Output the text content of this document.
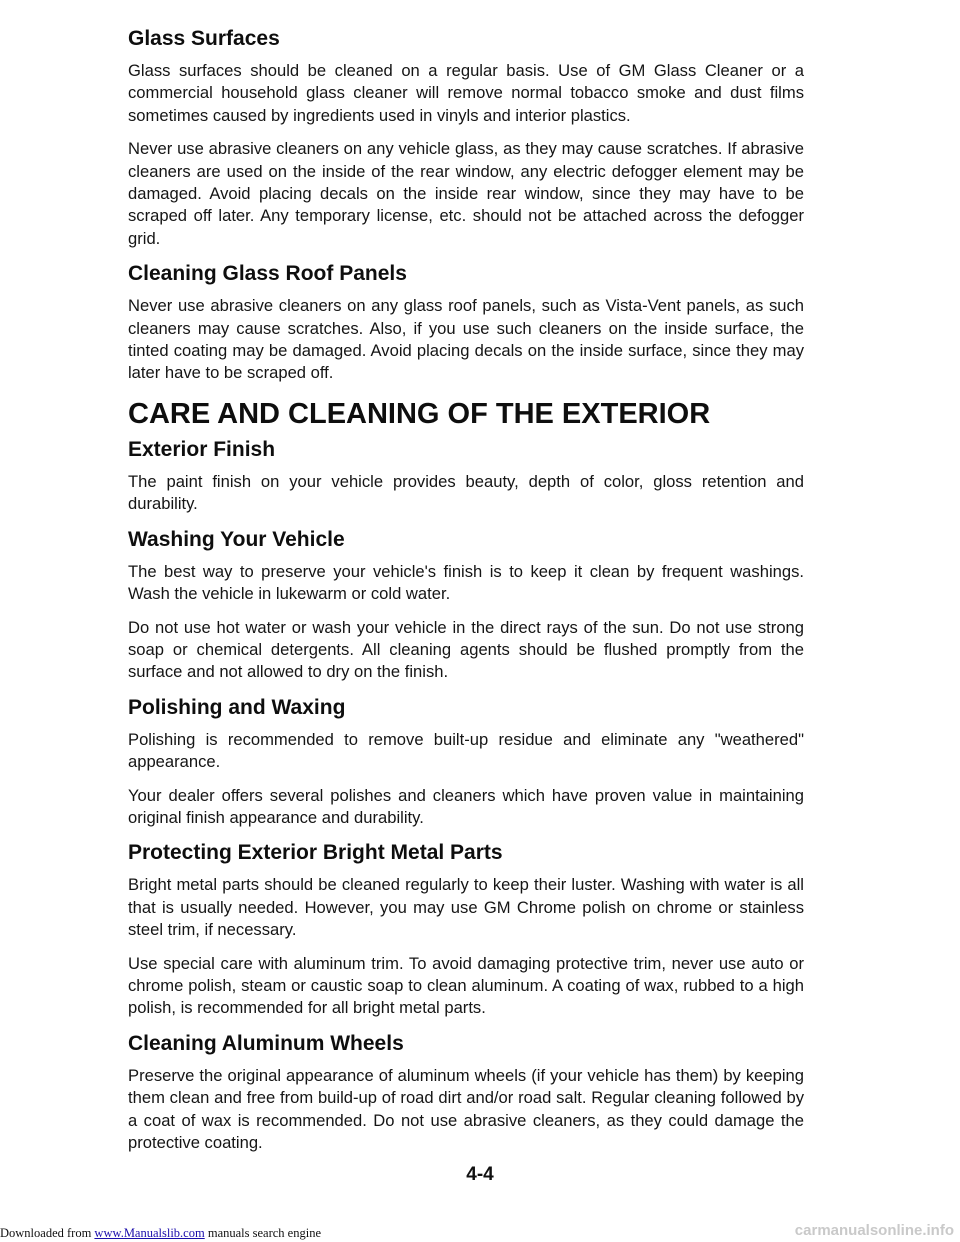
Glass Surfaces

Glass surfaces should be cleaned on a regular basis. Use of GM Glass Cleaner or a commercial household glass cleaner will remove normal tobacco smoke and dust films sometimes caused by ingredients used in vinyls and interior plastics.

Never use abrasive cleaners on any vehicle glass, as they may cause scratches. If abrasive cleaners are used on the inside of the rear window, any electric defogger element may be damaged. Avoid placing decals on the inside rear window, since they may have to be scraped off later. Any temporary license, etc. should not be attached across the defogger grid.

Cleaning Glass Roof Panels

Never use abrasive cleaners on any glass roof panels, such as Vista-Vent panels, as such cleaners may cause scratches. Also, if you use such cleaners on the inside surface, the tinted coating may be damaged. Avoid placing decals on the inside surface, since they may later have to be scraped off.

CARE AND CLEANING OF THE EXTERIOR
Exterior Finish

The paint finish on your vehicle provides beauty, depth of color, gloss retention and durability.

Washing Your Vehicle

The best way to preserve your vehicle's finish is to keep it clean by frequent washings. Wash the vehicle in lukewarm or cold water.

Do not use hot water or wash your vehicle in the direct rays of the sun. Do not use strong soap or chemical detergents. All cleaning agents should be flushed promptly from the surface and not allowed to dry on the finish.

Polishing and Waxing

Polishing is recommended to remove built-up residue and eliminate any "weathered" appearance.

Your dealer offers several polishes and cleaners which have proven value in maintaining original finish appearance and durability.

Protecting Exterior Bright Metal Parts

Bright metal parts should be cleaned regularly to keep their luster. Washing with water is all that is usually needed. However, you may use GM Chrome polish on chrome or stainless steel trim, if necessary.

Use special care with aluminum trim. To avoid damaging protective trim, never use auto or chrome polish, steam or caustic soap to clean aluminum. A coating of wax, rubbed to a high polish, is recommended for all bright metal parts.

Cleaning Aluminum Wheels

Preserve the original appearance of aluminum wheels (if your vehicle has them) by keeping them clean and free from build-up of road dirt and/or road salt. Regular cleaning followed by a coat of wax is recommended. Do not use abrasive cleaners, as they could damage the protective coating.

4-4
Downloaded from www.Manualslib.com manuals search engine	carmanualsonline.info
